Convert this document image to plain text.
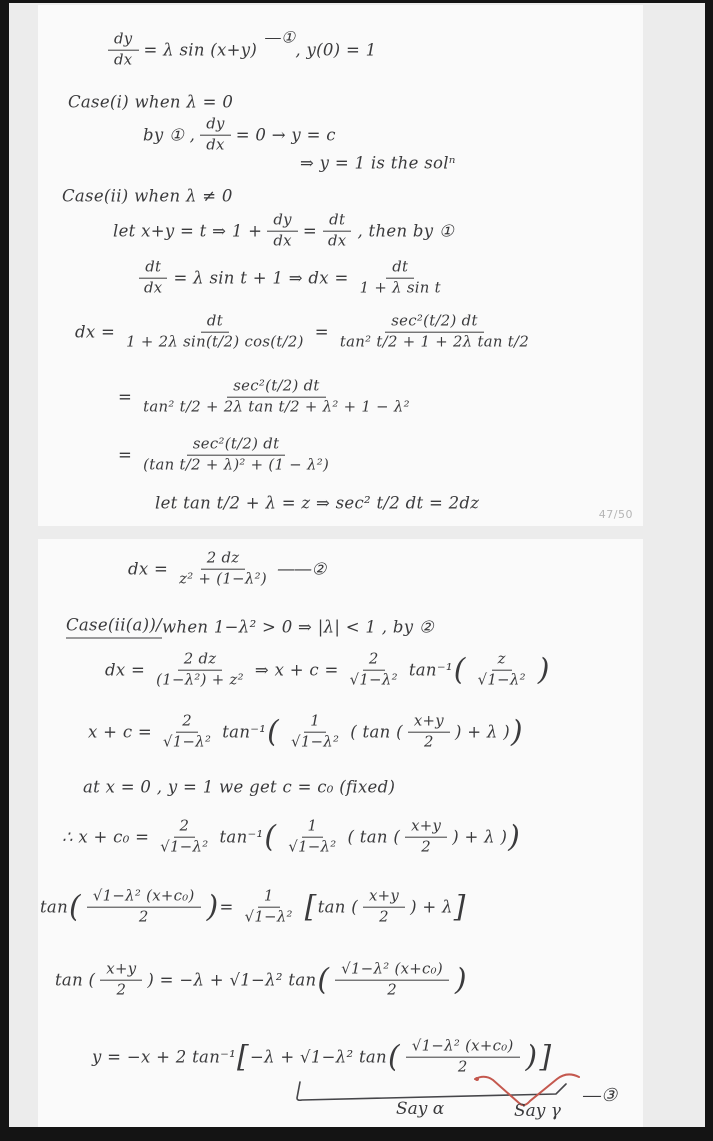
47/50
$\frac{dy}{dx} = \lambda$ sin (x+y)
―①
, y(0) = 1
Case(i) when λ = 0
by ① , $\frac{dy}{dx} = 0 \to y = c$
⇒ y = 1 is the solⁿ
Case(ii) when λ ≠ 0
let x+y = t ⇒ $1 + \frac{dy}{dx} = \frac{dt}{dx}$ , then by ①
$\frac{dt}{dx} = \lambda$ sin t + 1 ⇒ dx = $\frac{dt}{\text{1 + λ sin t}}$
dx = $\frac{dt}{\text{1 + 2λ sin(t/2) cos(t/2)}} = \frac{\text{sec²(t/2) dt}}{\text{tan² t/2 + 1 + 2λ tan t/2}}$
= $\frac{\text{sec²(t/2) dt}}{\text{tan² t/2 + 2λ tan t/2 + λ² + 1 − λ²}}$
= $\frac{\text{sec²(t/2) dt}}{\text{(tan t/2 + λ)² + (1 − λ²)}}$
let tan t/2 + λ = z ⇒ sec² t/2 dt = 2dz
Say α	Say γ
―③
dx = $\frac{2 dz}{\text{z² + (1−λ²)}}$ ――②
Case(ii(a))/ when 1−λ² > 0 ⇒ |λ| < 1 , by ②
dx = $\frac{2 dz}{\text{(1−λ²) + z²}}$ ⇒ $x + c = \frac{2}{\text{√1−λ²}} \tan^{-1}$ ( $\frac{z}{\text{√1−λ²}}$ )
$x + c = \frac{2}{\text{√1−λ²}} \tan^{-1}$ ( $\frac{1}{\text{√1−λ²}}$ ( tan ( $\frac{x+y}{2}$ ) + λ ) )
at x = 0 , y = 1 we get c = c₀ (fixed)
∴ $x + c_0 = \frac{2}{\text{√1−λ²}} \tan^{-1}$ ( $\frac{1}{\text{√1−λ²}}$ ( tan ( $\frac{x+y}{2}$ ) + λ ) )
tan ( $\frac{\text{√1−λ² (x+c₀)}}{2}$ ) = $\frac{1}{\text{√1−λ²}}$ [ tan ( $\frac{x+y}{2}$ ) + λ ]
tan ( $\frac{x+y}{2}$ ) = −λ + √1−λ² tan ( $\frac{\text{√1−λ² (x+c₀)}}{2}$ )
y = −x + 2 tan⁻¹ [ −λ + √1−λ² tan ( $\frac{\text{√1−λ² (x+c₀)}}{2}$ ) ]
